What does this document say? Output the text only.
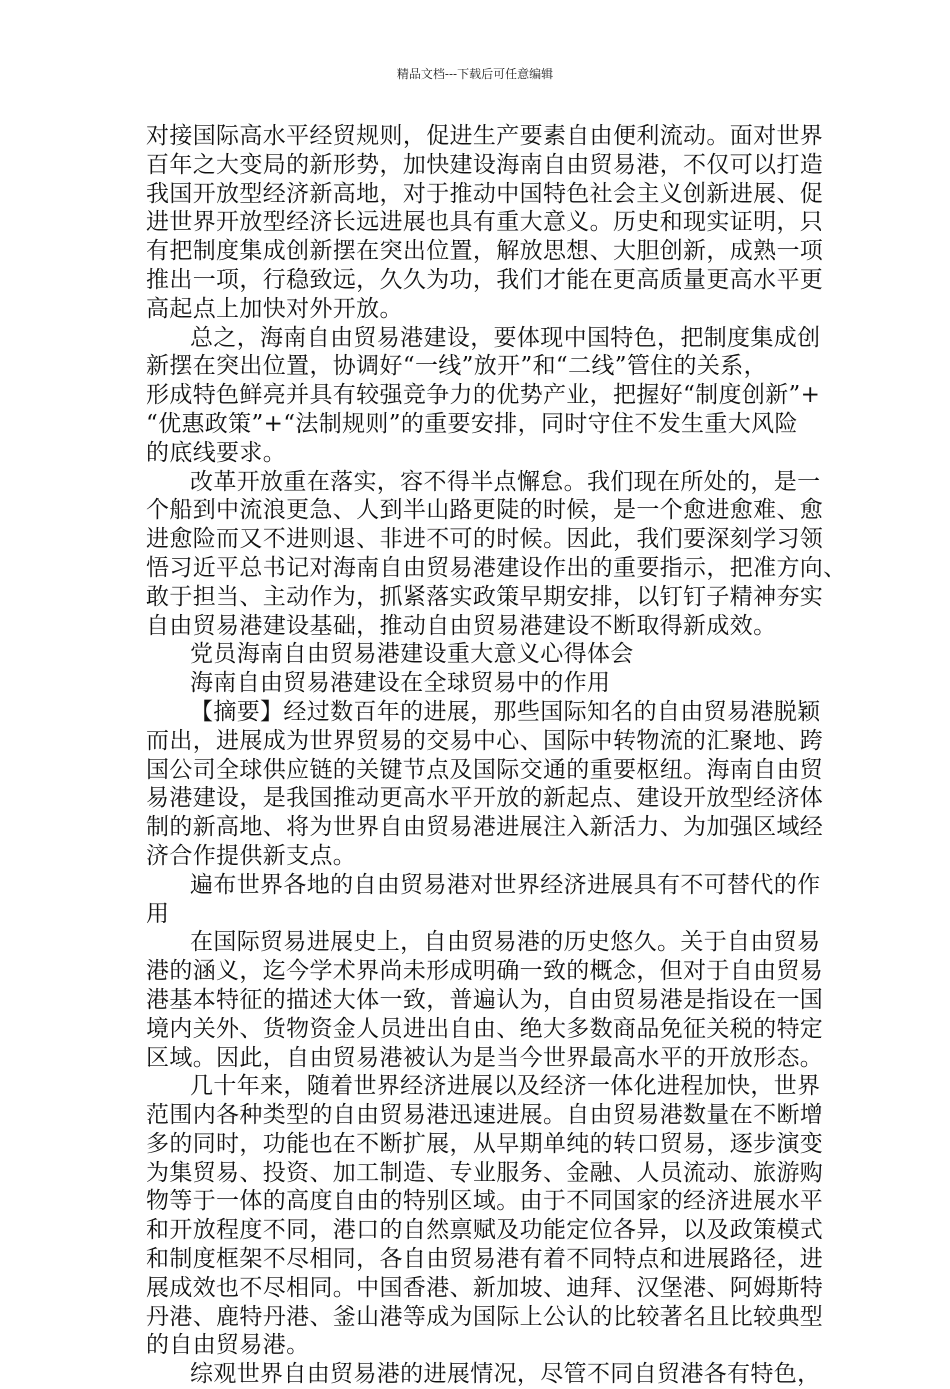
精品文档---下载后可任意编辑
对接国际高水平经贸规则，促进生产要素自由便利流动。面对世界
百年之大变局的新形势，加快建设海南自由贸易港，不仅可以打造
我国开放型经济新高地，对于推动中国特色社会主义创新进展、促
进世界开放型经济长远进展也具有重大意义。历史和现实证明，只
有把制度集成创新摆在突出位置，解放思想、大胆创新，成熟一项
推出一项，行稳致远，久久为功，我们才能在更高质量更高水平更
高起点上加快对外开放。
总之，海南自由贸易港建设，要体现中国特色，把制度集成创
新摆在突出位置，协调好“一线”放开”和“二线”管住的关系，
形成特色鲜亮并具有较强竞争力的优势产业，把握好“制度创新”+
“优惠政策”+“法制规则”的重要安排，同时守住不发生重大风险
的底线要求。
改革开放重在落实，容不得半点懈怠。我们现在所处的，是一
个船到中流浪更急、人到半山路更陡的时候，是一个愈进愈难、愈
进愈险而又不进则退、非进不可的时候。因此，我们要深刻学习领
悟习近平总书记对海南自由贸易港建设作出的重要指示，把准方向、
敢于担当、主动作为，抓紧落实政策早期安排，以钉钉子精神夯实
自由贸易港建设基础，推动自由贸易港建设不断取得新成效。
党员海南自由贸易港建设重大意义心得体会
海南自由贸易港建设在全球贸易中的作用
【摘要】经过数百年的进展，那些国际知名的自由贸易港脱颖
而出，进展成为世界贸易的交易中心、国际中转物流的汇聚地、跨
国公司全球供应链的关键节点及国际交通的重要枢纽。海南自由贸
易港建设，是我国推动更高水平开放的新起点、建设开放型经济体
制的新高地、将为世界自由贸易港进展注入新活力、为加强区域经
济合作提供新支点。
遍布世界各地的自由贸易港对世界经济进展具有不可替代的作
用
在国际贸易进展史上，自由贸易港的历史悠久。关于自由贸易
港的涵义，迄今学术界尚未形成明确一致的概念，但对于自由贸易
港基本特征的描述大体一致，普遍认为，自由贸易港是指设在一国
境内关外、货物资金人员进出自由、绝大多数商品免征关税的特定
区域。因此，自由贸易港被认为是当今世界最高水平的开放形态。
几十年来，随着世界经济进展以及经济一体化进程加快，世界
范围内各种类型的自由贸易港迅速进展。自由贸易港数量在不断增
多的同时，功能也在不断扩展，从早期单纯的转口贸易，逐步演变
为集贸易、投资、加工制造、专业服务、金融、人员流动、旅游购
物等于一体的高度自由的特别区域。由于不同国家的经济进展水平
和开放程度不同，港口的自然禀赋及功能定位各异，以及政策模式
和制度框架不尽相同，各自由贸易港有着不同特点和进展路径，进
展成效也不尽相同。中国香港、新加坡、迪拜、汉堡港、阿姆斯特
丹港、鹿特丹港、釜山港等成为国际上公认的比较著名且比较典型
的自由贸易港。
综观世界自由贸易港的进展情况，尽管不同自贸港各有特色，
